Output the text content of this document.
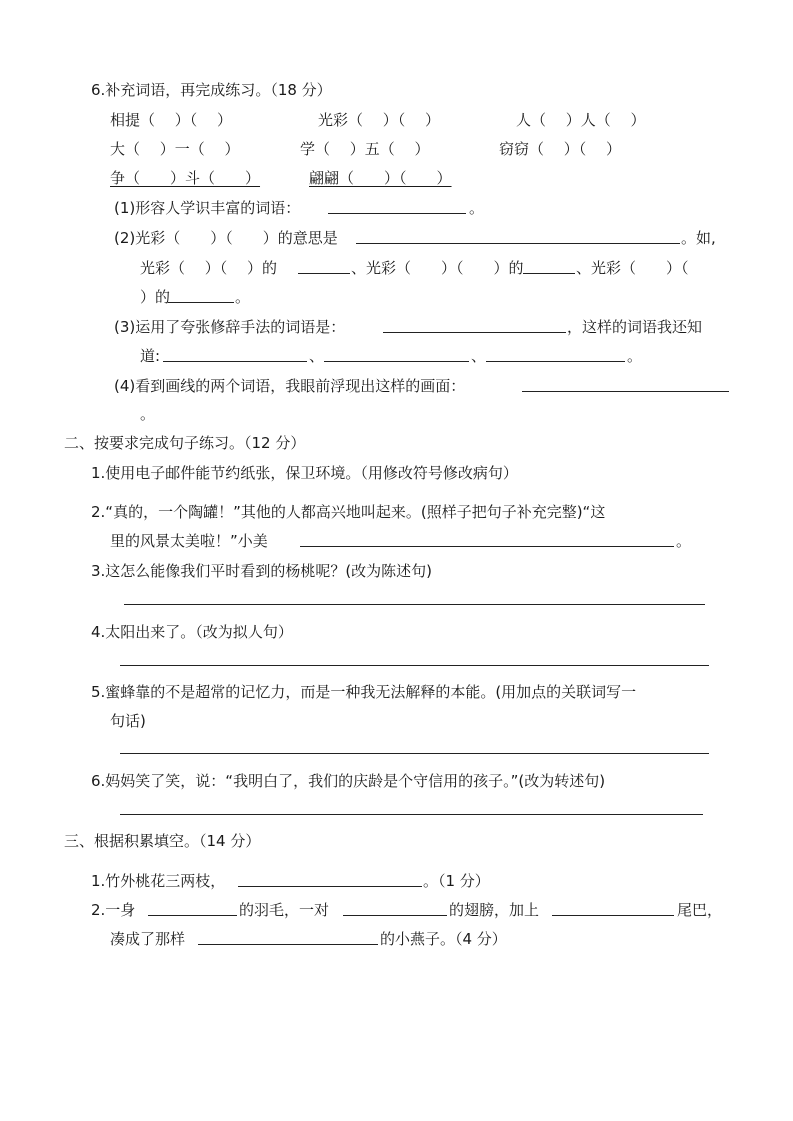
6.补充词语，再完成练习。（18 分）
相提（　 ）（　 ）	光彩（　 ）（　 ）	人（　 ）人（　 ）
大（　 ）一（　 ）	学（　 ）五（　 ）	窃窃（　 ）（　 ）
争（　　）斗（　　）	翩翩（　　）（　　）
(1)形容人学识丰富的词语：	。
(2)光彩（　　）（　　）的意思是	。如,
光彩（　 ）（　 ）的	、光彩（　　）（　　）的	、光彩（　　）（
）的	。
(3)运用了夸张修辞手法的词语是：	，这样的词语我还知
道:	、	、	。
(4)看到画线的两个词语，我眼前浮现出这样的画面：
。
二、按要求完成句子练习。（12 分）
1.使用电子邮件能节约纸张，保卫环境。（用修改符号修改病句）
2.“真的，一个陶罐！”其他的人都高兴地叫起来。(照样子把句子补充完整)“这
里的风景太美啦！”小美	。
3.这怎么能像我们平时看到的杨桃呢？(改为陈述句)
4.太阳出来了。（改为拟人句）
5.蜜蜂靠的不是超常的记忆力，而是一种我无法解释的本能。(用加点的关联词写一
句话)
6.妈妈笑了笑，说：“我明白了，我们的庆龄是个守信用的孩子。”(改为转述句)
三、根据积累填空。（14 分）
1.竹外桃花三两枝，	。（1 分）
2.一身	的羽毛，一对	的翅膀，加上	尾巴，
凑成了那样	的小燕子。（4 分）
